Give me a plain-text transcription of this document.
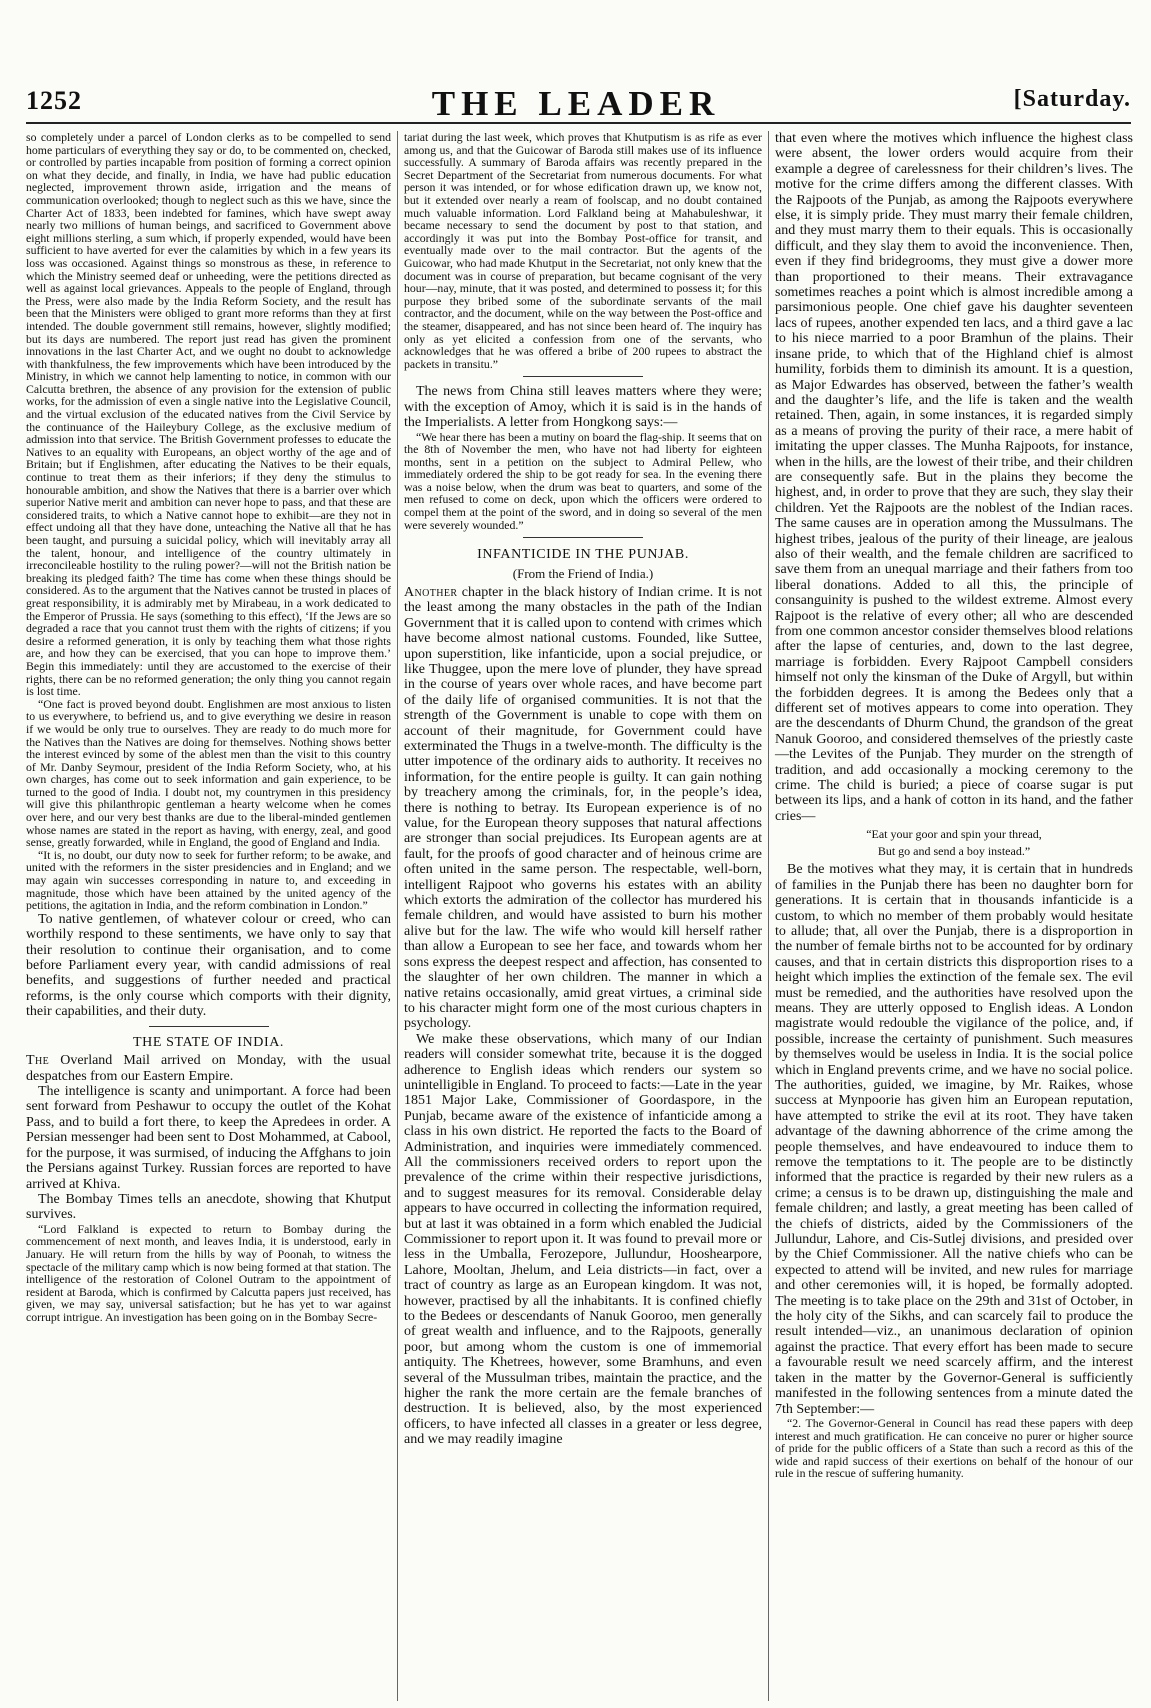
1252	THE LEADER	[Saturday.

so completely under a parcel of London clerks as to be compelled to send home particulars of everything they say or do, to be commented on, checked, or controlled by parties incapable from position of forming a correct opinion on what they decide, and finally, in India, we have had public education neglected, improvement thrown aside, irrigation and the means of communication overlooked; though to neglect such as this we have, since the Charter Act of 1833, been indebted for famines, which have swept away nearly two millions of human beings, and sacrificed to Government above eight millions sterling, a sum which, if properly expended, would have been sufficient to have averted for ever the calamities by which in a few years its loss was occasioned. Against things so monstrous as these, in reference to which the Ministry seemed deaf or unheeding, were the petitions directed as well as against local grievances. Appeals to the people of England, through the Press, were also made by the India Reform Society, and the result has been that the Ministers were obliged to grant more reforms than they at first intended. The double government still remains, however, slightly modified; but its days are numbered. The report just read has given the prominent innovations in the last Charter Act, and we ought no doubt to acknowledge with thankfulness, the few improvements which have been introduced by the Ministry, in which we cannot help lamenting to notice, in common with our Calcutta brethren, the absence of any provision for the extension of public works, for the admission of even a single native into the Legislative Council, and the virtual exclusion of the educated natives from the Civil Service by the continuance of the Haileybury College, as the exclusive medium of admission into that service. The British Government professes to educate the Natives to an equality with Europeans, an object worthy of the age and of Britain; but if Englishmen, after educating the Natives to be their equals, continue to treat them as their inferiors; if they deny the stimulus to honourable ambition, and show the Natives that there is a barrier over which superior Native merit and ambition can never hope to pass, and that these are considered traits, to which a Native cannot hope to exhibit—are they not in effect undoing all that they have done, unteaching the Native all that he has been taught, and pursuing a suicidal policy, which will inevitably array all the talent, honour, and intelligence of the country ultimately in irreconcileable hostility to the ruling power?—will not the British nation be breaking its pledged faith? The time has come when these things should be considered. As to the argument that the Natives cannot be trusted in places of great responsibility, it is admirably met by Mirabeau, in a work dedicated to the Emperor of Prussia. He says (something to this effect), ‘If the Jews are so degraded a race that you cannot trust them with the rights of citizens; if you desire a reformed generation, it is only by teaching them what those rights are, and how they can be exercised, that you can hope to improve them.’ Begin this immediately: until they are accustomed to the exercise of their rights, there can be no reformed generation; the only thing you cannot regain is lost time.

“One fact is proved beyond doubt. Englishmen are most anxious to listen to us everywhere, to befriend us, and to give everything we desire in reason if we would be only true to ourselves. They are ready to do much more for the Natives than the Natives are doing for themselves. Nothing shows better the interest evinced by some of the ablest men than the visit to this country of Mr. Danby Seymour, president of the India Reform Society, who, at his own charges, has come out to seek information and gain experience, to be turned to the good of India. I doubt not, my countrymen in this presidency will give this philanthropic gentleman a hearty welcome when he comes over here, and our very best thanks are due to the liberal-minded gentlemen whose names are stated in the report as having, with energy, zeal, and good sense, greatly forwarded, while in England, the good of England and India.

“It is, no doubt, our duty now to seek for further reform; to be awake, and united with the reformers in the sister presidencies and in England; and we may again win successes corresponding in nature to, and exceeding in magnitude, those which have been attained by the united agency of the petitions, the agitation in India, and the reform combination in London.”

To native gentlemen, of whatever colour or creed, who can worthily respond to these sentiments, we have only to say that their resolution to continue their organisation, and to come before Parliament every year, with candid admissions of real benefits, and suggestions of further needed and practical reforms, is the only course which comports with their dignity, their capabilities, and their duty.

THE STATE OF INDIA.

The Overland Mail arrived on Monday, with the usual despatches from our Eastern Empire.

The intelligence is scanty and unimportant. A force had been sent forward from Peshawur to occupy the outlet of the Kohat Pass, and to build a fort there, to keep the Apredees in order. A Persian messenger had been sent to Dost Mohammed, at Cabool, for the purpose, it was surmised, of inducing the Affghans to join the Persians against Turkey. Russian forces are reported to have arrived at Khiva.

The Bombay Times tells an anecdote, showing that Khutput survives.

“Lord Falkland is expected to return to Bombay during the commencement of next month, and leaves India, it is understood, early in January. He will return from the hills by way of Poonah, to witness the spectacle of the military camp which is now being formed at that station. The intelligence of the restoration of Colonel Outram to the appointment of resident at Baroda, which is confirmed by Calcutta papers just received, has given, we may say, universal satisfaction; but he has yet to war against corrupt intrigue. An investigation has been going on in the Bombay Secre-

tariat during the last week, which proves that Khutputism is as rife as ever among us, and that the Guicowar of Baroda still makes use of its influence successfully. A summary of Baroda affairs was recently prepared in the Secret Department of the Secretariat from numerous documents. For what person it was intended, or for whose edification drawn up, we know not, but it extended over nearly a ream of foolscap, and no doubt contained much valuable information. Lord Falkland being at Mahabuleshwar, it became necessary to send the document by post to that station, and accordingly it was put into the Bombay Post-office for transit, and eventually made over to the mail contractor. But the agents of the Guicowar, who had made Khutput in the Secretariat, not only knew that the document was in course of preparation, but became cognisant of the very hour—nay, minute, that it was posted, and determined to possess it; for this purpose they bribed some of the subordinate servants of the mail contractor, and the document, while on the way between the Post-office and the steamer, disappeared, and has not since been heard of. The inquiry has only as yet elicited a confession from one of the servants, who acknowledges that he was offered a bribe of 200 rupees to abstract the packets in transitu.”

The news from China still leaves matters where they were; with the exception of Amoy, which it is said is in the hands of the Imperialists. A letter from Hongkong says:—

“We hear there has been a mutiny on board the flag-ship. It seems that on the 8th of November the men, who have not had liberty for eighteen months, sent in a petition on the subject to Admiral Pellew, who immediately ordered the ship to be got ready for sea. In the evening there was a noise below, when the drum was beat to quarters, and some of the men refused to come on deck, upon which the officers were ordered to compel them at the point of the sword, and in doing so several of the men were severely wounded.”

INFANTICIDE IN THE PUNJAB.
(From the Friend of India.)

Another chapter in the black history of Indian crime. It is not the least among the many obstacles in the path of the Indian Government that it is called upon to contend with crimes which have become almost national customs. Founded, like Suttee, upon superstition, like infanticide, upon a social prejudice, or like Thuggee, upon the mere love of plunder, they have spread in the course of years over whole races, and have become part of the daily life of organised communities. It is not that the strength of the Government is unable to cope with them on account of their magnitude, for Government could have exterminated the Thugs in a twelve-month. The difficulty is the utter impotence of the ordinary aids to authority. It receives no information, for the entire people is guilty. It can gain nothing by treachery among the criminals, for, in the people’s idea, there is nothing to betray. Its European experience is of no value, for the European theory supposes that natural affections are stronger than social prejudices. Its European agents are at fault, for the proofs of good character and of heinous crime are often united in the same person. The respectable, well-born, intelligent Rajpoot who governs his estates with an ability which extorts the admiration of the collector has murdered his female children, and would have assisted to burn his mother alive but for the law. The wife who would kill herself rather than allow a European to see her face, and towards whom her sons express the deepest respect and affection, has consented to the slaughter of her own children. The manner in which a native retains occasionally, amid great virtues, a criminal side to his character might form one of the most curious chapters in psychology.

We make these observations, which many of our Indian readers will consider somewhat trite, because it is the dogged adherence to English ideas which renders our system so unintelligible in England. To proceed to facts:—Late in the year 1851 Major Lake, Commissioner of Goordaspore, in the Punjab, became aware of the existence of infanticide among a class in his own district. He reported the facts to the Board of Administration, and inquiries were immediately commenced. All the commissioners received orders to report upon the prevalence of the crime within their respective jurisdictions, and to suggest measures for its removal. Considerable delay appears to have occurred in collecting the information required, but at last it was obtained in a form which enabled the Judicial Commissioner to report upon it. It was found to prevail more or less in the Umballa, Ferozepore, Jullundur, Hooshearpore, Lahore, Mooltan, Jhelum, and Leia districts—in fact, over a tract of country as large as an European kingdom. It was not, however, practised by all the inhabitants. It is confined chiefly to the Bedees or descendants of Nanuk Gooroo, men generally of great wealth and influence, and to the Rajpoots, generally poor, but among whom the custom is one of immemorial antiquity. The Khetrees, however, some Bramhuns, and even several of the Mussulman tribes, maintain the practice, and the higher the rank the more certain are the female branches of destruction. It is believed, also, by the most experienced officers, to have infected all classes in a greater or less degree, and we may readily imagine

that even where the motives which influence the highest class were absent, the lower orders would acquire from their example a degree of carelessness for their children’s lives. The motive for the crime differs among the different classes. With the Rajpoots of the Punjab, as among the Rajpoots everywhere else, it is simply pride. They must marry their female children, and they must marry them to their equals. This is occasionally difficult, and they slay them to avoid the inconvenience. Then, even if they find bridegrooms, they must give a dower more than proportioned to their means. Their extravagance sometimes reaches a point which is almost incredible among a parsimonious people. One chief gave his daughter seventeen lacs of rupees, another expended ten lacs, and a third gave a lac to his niece married to a poor Bramhun of the plains. Their insane pride, to which that of the Highland chief is almost humility, forbids them to diminish its amount. It is a question, as Major Edwardes has observed, between the father’s wealth and the daughter’s life, and the life is taken and the wealth retained. Then, again, in some instances, it is regarded simply as a means of proving the purity of their race, a mere habit of imitating the upper classes. The Munha Rajpoots, for instance, when in the hills, are the lowest of their tribe, and their children are consequently safe. But in the plains they become the highest, and, in order to prove that they are such, they slay their children. Yet the Rajpoots are the noblest of the Indian races. The same causes are in operation among the Mussulmans. The highest tribes, jealous of the purity of their lineage, are jealous also of their wealth, and the female children are sacrificed to save them from an unequal marriage and their fathers from too liberal donations. Added to all this, the principle of consanguinity is pushed to the wildest extreme. Almost every Rajpoot is the relative of every other; all who are descended from one common ancestor consider themselves blood relations after the lapse of centuries, and, down to the last degree, marriage is forbidden. Every Rajpoot Campbell considers himself not only the kinsman of the Duke of Argyll, but within the forbidden degrees. It is among the Bedees only that a different set of motives appears to come into operation. They are the descendants of Dhurm Chund, the grandson of the great Nanuk Gooroo, and considered themselves of the priestly caste—the Levites of the Punjab. They murder on the strength of tradition, and add occasionally a mocking ceremony to the crime. The child is buried; a piece of coarse sugar is put between its lips, and a hank of cotton in its hand, and the father cries—

“Eat your goor and spin your thread,
But go and send a boy instead.”

Be the motives what they may, it is certain that in hundreds of families in the Punjab there has been no daughter born for generations. It is certain that in thousands infanticide is a custom, to which no member of them probably would hesitate to allude; that, all over the Punjab, there is a disproportion in the number of female births not to be accounted for by ordinary causes, and that in certain districts this disproportion rises to a height which implies the extinction of the female sex. The evil must be remedied, and the authorities have resolved upon the means. They are utterly opposed to English ideas. A London magistrate would redouble the vigilance of the police, and, if possible, increase the certainty of punishment. Such measures by themselves would be useless in India. It is the social police which in England prevents crime, and we have no social police. The authorities, guided, we imagine, by Mr. Raikes, whose success at Mynpoorie has given him an European reputation, have attempted to strike the evil at its root. They have taken advantage of the dawning abhorrence of the crime among the people themselves, and have endeavoured to induce them to remove the temptations to it. The people are to be distinctly informed that the practice is regarded by their new rulers as a crime; a census is to be drawn up, distinguishing the male and female children; and lastly, a great meeting has been called of the chiefs of districts, aided by the Commissioners of the Jullundur, Lahore, and Cis-Sutlej divisions, and presided over by the Chief Commissioner. All the native chiefs who can be expected to attend will be invited, and new rules for marriage and other ceremonies will, it is hoped, be formally adopted. The meeting is to take place on the 29th and 31st of October, in the holy city of the Sikhs, and can scarcely fail to produce the result intended—viz., an unanimous declaration of opinion against the practice. That every effort has been made to secure a favourable result we need scarcely affirm, and the interest taken in the matter by the Governor-General is sufficiently manifested in the following sentences from a minute dated the 7th September:—

“2. The Governor-General in Council has read these papers with deep interest and much gratification. He can conceive no purer or higher source of pride for the public officers of a State than such a record as this of the wide and rapid success of their exertions on behalf of the honour of our rule in the rescue of suffering humanity.
